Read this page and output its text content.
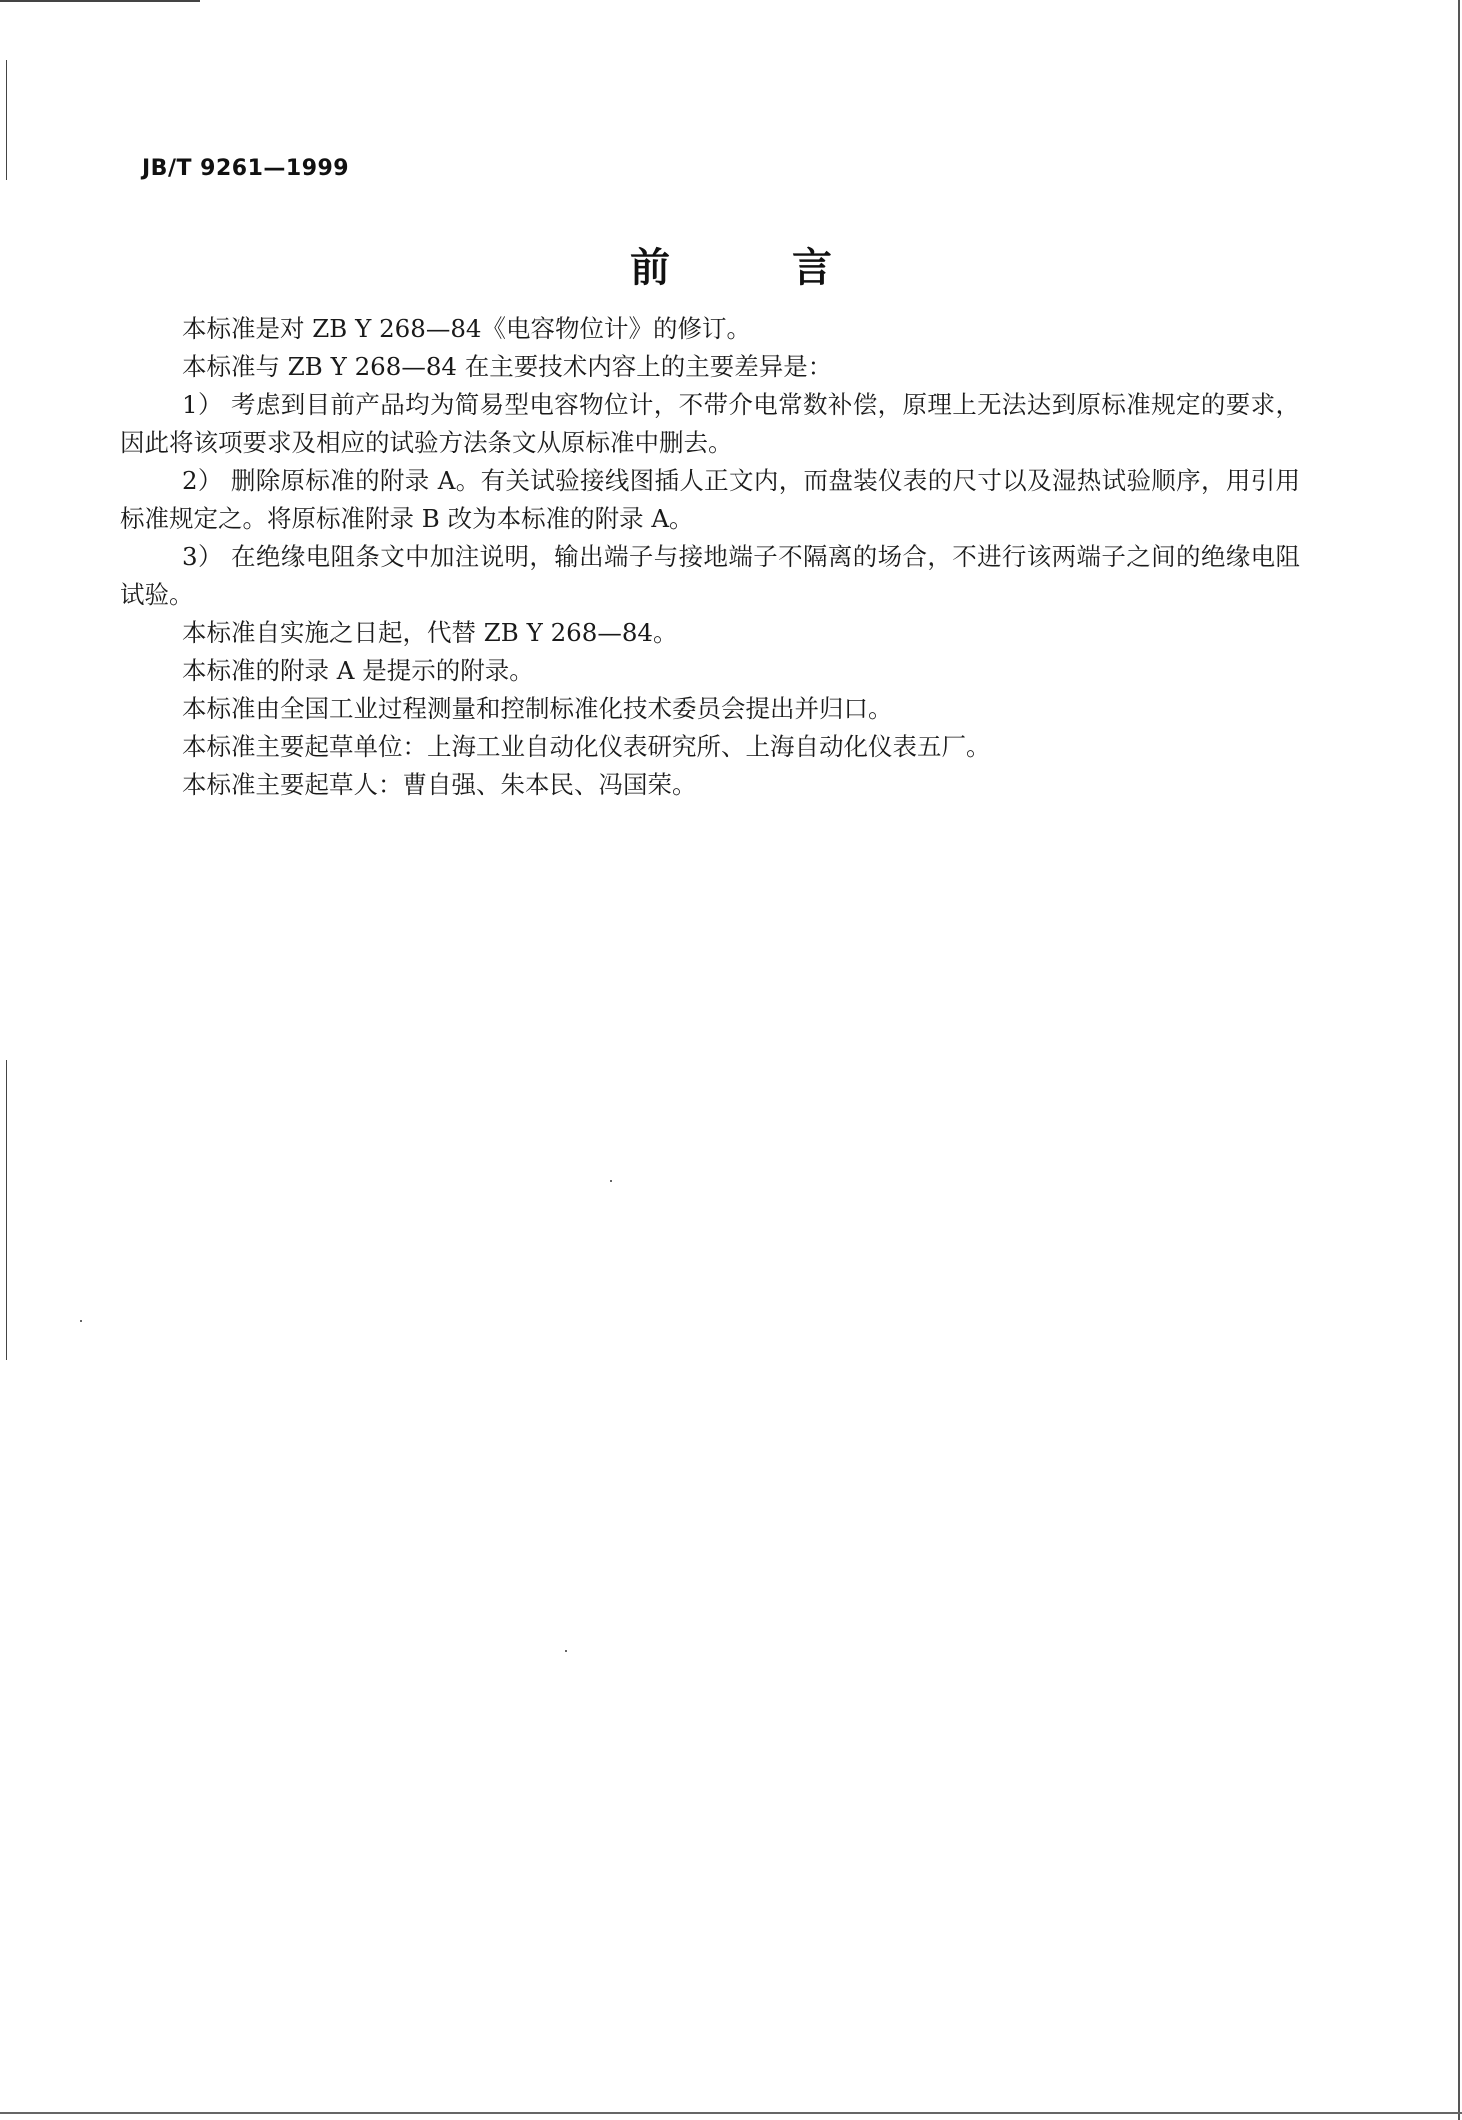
JB/T 9261—1999
前 言

本标准是对 ZB Y 268—84《电容物位计》的修订。

本标准与 ZB Y 268—84 在主要技术内容上的主要差异是：

1） 考虑到目前产品均为简易型电容物位计，不带介电常数补偿，原理上无法达到原标准规定的要求，因此将该项要求及相应的试验方法条文从原标准中删去。

2） 删除原标准的附录 A。有关试验接线图插人正文内，而盘装仪表的尺寸以及湿热试验顺序，用引用标准规定之。将原标准附录 B 改为本标准的附录 A。

3） 在绝缘电阻条文中加注说明，输出端子与接地端子不隔离的场合，不进行该两端子之间的绝缘电阻试验。

本标准自实施之日起，代替 ZB Y 268—84。

本标准的附录 A 是提示的附录。

本标准由全国工业过程测量和控制标准化技术委员会提出并归口。

本标准主要起草单位：上海工业自动化仪表研究所、上海自动化仪表五厂。

本标准主要起草人：曹自强、朱本民、冯国荣。
